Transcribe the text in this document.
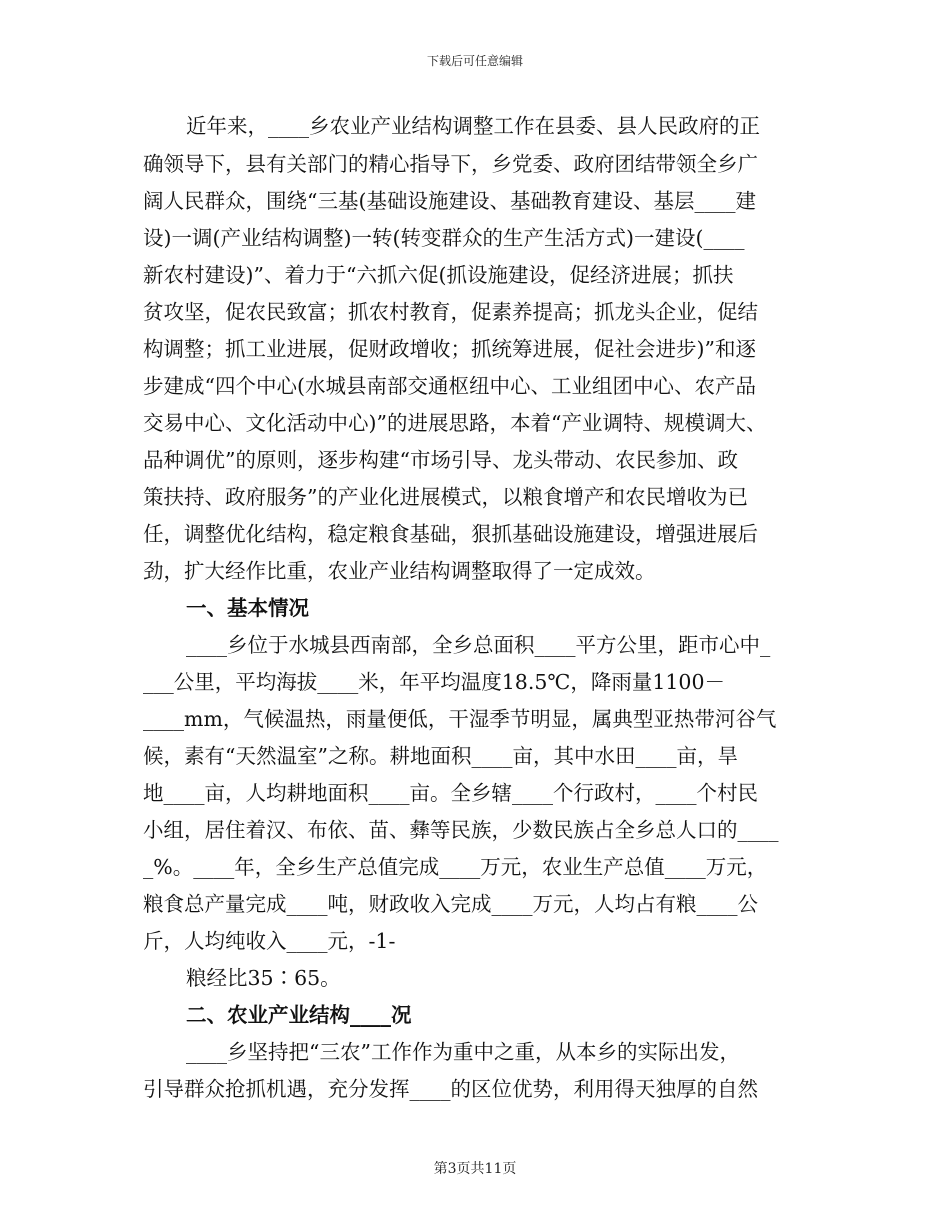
下载后可任意编辑
近年来，____乡农业产业结构调整工作在县委、县人民政府的正
确领导下，县有关部门的精心指导下，乡党委、政府团结带领全乡广
阔人民群众，围绕“三基(基础设施建设、基础教育建设、基层____建
设)一调(产业结构调整)一转(转变群众的生产生活方式)一建设(____
新农村建设)”、着力于“六抓六促(抓设施建设，促经济进展；抓扶
贫攻坚，促农民致富；抓农村教育，促素养提高；抓龙头企业，促结
构调整；抓工业进展，促财政增收；抓统筹进展，促社会进步)”和逐
步建成“四个中心(水城县南部交通枢纽中心、工业组团中心、农产品
交易中心、文化活动中心)”的进展思路，本着“产业调特、规模调大、
品种调优”的原则，逐步构建“市场引导、龙头带动、农民参加、政
策扶持、政府服务”的产业化进展模式，以粮食增产和农民增收为已
任，调整优化结构，稳定粮食基础，狠抓基础设施建设，增强进展后
劲，扩大经作比重，农业产业结构调整取得了一定成效。
一、基本情况
____乡位于水城县西南部，全乡总面积____平方公里，距市心中_
___公里，平均海拔____米，年平均温度18.5℃，降雨量1100－
____mm，气候温热，雨量便低，干湿季节明显，属典型亚热带河谷气
候，素有“天然温室”之称。耕地面积____亩，其中水田____亩，旱
地____亩，人均耕地面积____亩。全乡辖____个行政村，____个村民
小组，居住着汉、布依、苗、彝等民族，少数民族占全乡总人口的____
_%。____年，全乡生产总值完成____万元，农业生产总值____万元，
粮食总产量完成____吨，财政收入完成____万元，人均占有粮____公
斤，人均纯收入____元，-1-
粮经比35∶65。
二、农业产业结构____况
____乡坚持把“三农”工作作为重中之重，从本乡的实际出发，
引导群众抢抓机遇，充分发挥____的区位优势，利用得天独厚的自然
第3页共11页
